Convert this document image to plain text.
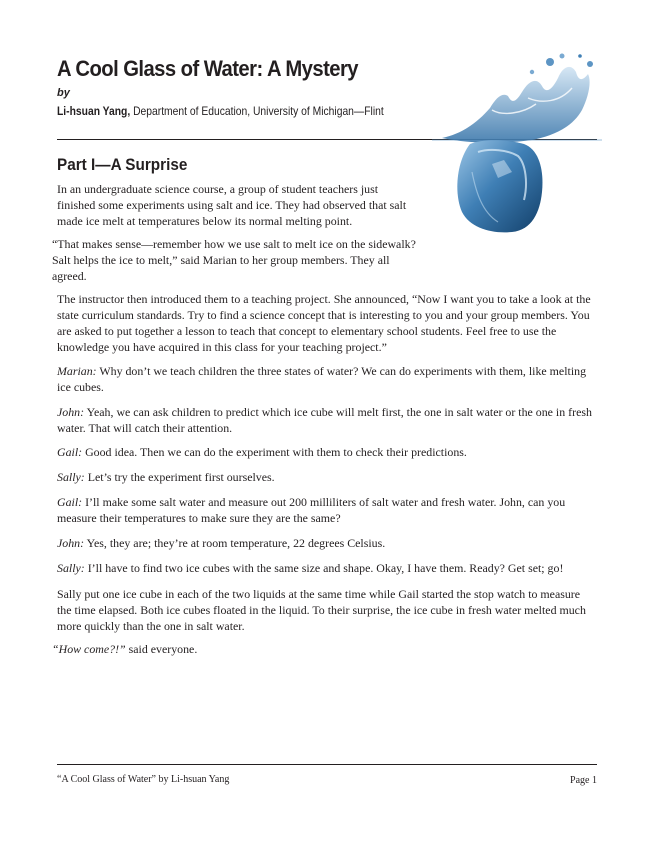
A Cool Glass of Water: A Mystery
by
Li-hsuan Yang, Department of Education, University of Michigan—Flint
Part I—A Surprise

In an undergraduate science course, a group of student teachers just finished some experiments using salt and ice. They had observed that salt made ice melt at temperatures below its normal melting point.

“That makes sense—remember how we use salt to melt ice on the sidewalk? Salt helps the ice to melt,” said Marian to her group members. They all agreed.

The instructor then introduced them to a teaching project. She announced, “Now I want you to take a look at the state curriculum standards. Try to find a science concept that is interesting to you and your group members. You are asked to put together a lesson to teach that concept to elementary school students. Feel free to use the knowledge you have acquired in this class for your teaching project.”

Marian: Why don’t we teach children the three states of water? We can do experiments with them, like melting ice cubes.

John: Yeah, we can ask children to predict which ice cube will melt first, the one in salt water or the one in fresh water. That will catch their attention.

Gail: Good idea. Then we can do the experiment with them to check their predictions.

Sally: Let’s try the experiment first ourselves.

Gail: I’ll make some salt water and measure out 200 milliliters of salt water and fresh water. John, can you measure their temperatures to make sure they are the same?

John: Yes, they are; they’re at room temperature, 22 degrees Celsius.

Sally: I’ll have to find two ice cubes with the same size and shape. Okay, I have them. Ready? Get set; go!

Sally put one ice cube in each of the two liquids at the same time while Gail started the stop watch to measure the time elapsed. Both ice cubes floated in the liquid. To their surprise, the ice cube in fresh water melted much more quickly than the one in salt water.

“How come?!” said everyone.

“A Cool Glass of Water” by Li-hsuan Yang	Page 1
